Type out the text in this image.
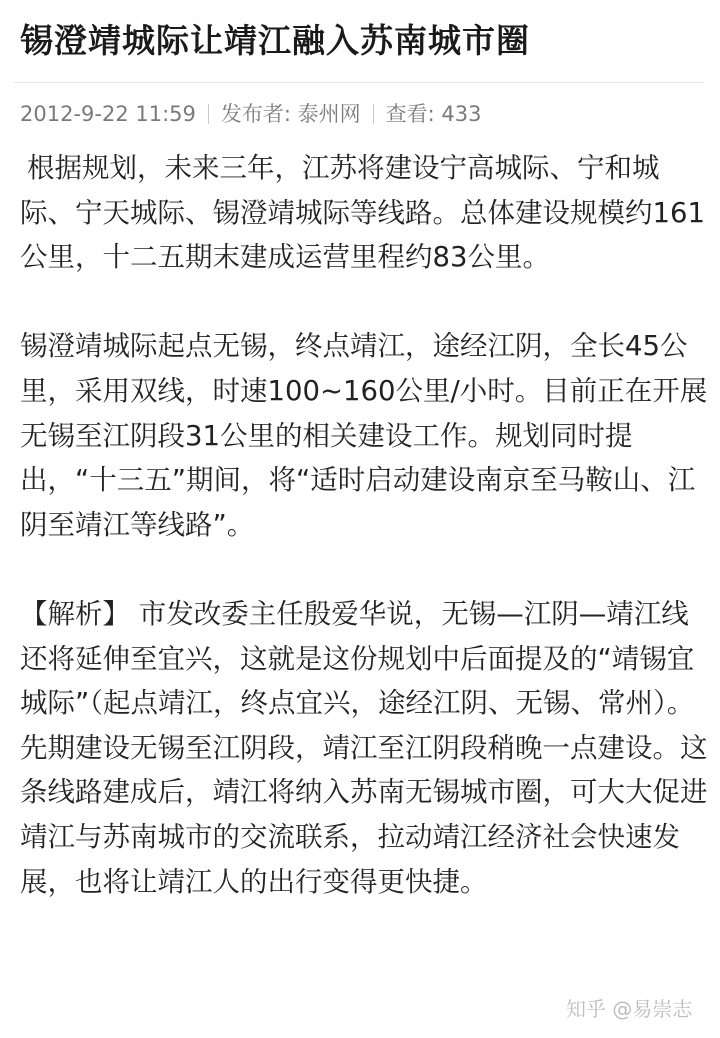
锡澄靖城际让靖江融入苏南城市圈
2012-9-22 11:59 发布者: 泰州网 查看: 433

根据规划，未来三年，江苏将建设宁高城际、宁和城际、宁天城际、锡澄靖城际等线路。总体建设规模约161公里，十二五期末建成运营里程约83公里。

锡澄靖城际起点无锡，终点靖江，途经江阴，全长45公里，采用双线，时速100~160公里/小时。目前正在开展无锡至江阴段31公里的相关建设工作。规划同时提出，“十三五”期间，将“适时启动建设南京至马鞍山、江阴至靖江等线路”。

【解析】 市发改委主任殷爱华说，无锡—江阴—靖江线还将延伸至宜兴，这就是这份规划中后面提及的“靖锡宜城际”（起点靖江，终点宜兴，途经江阴、无锡、常州）。先期建设无锡至江阴段，靖江至江阴段稍晚一点建设。这条线路建成后，靖江将纳入苏南无锡城市圈，可大大促进靖江与苏南城市的交流联系，拉动靖江经济社会快速发展，也将让靖江人的出行变得更快捷。

知乎 @易崇志
